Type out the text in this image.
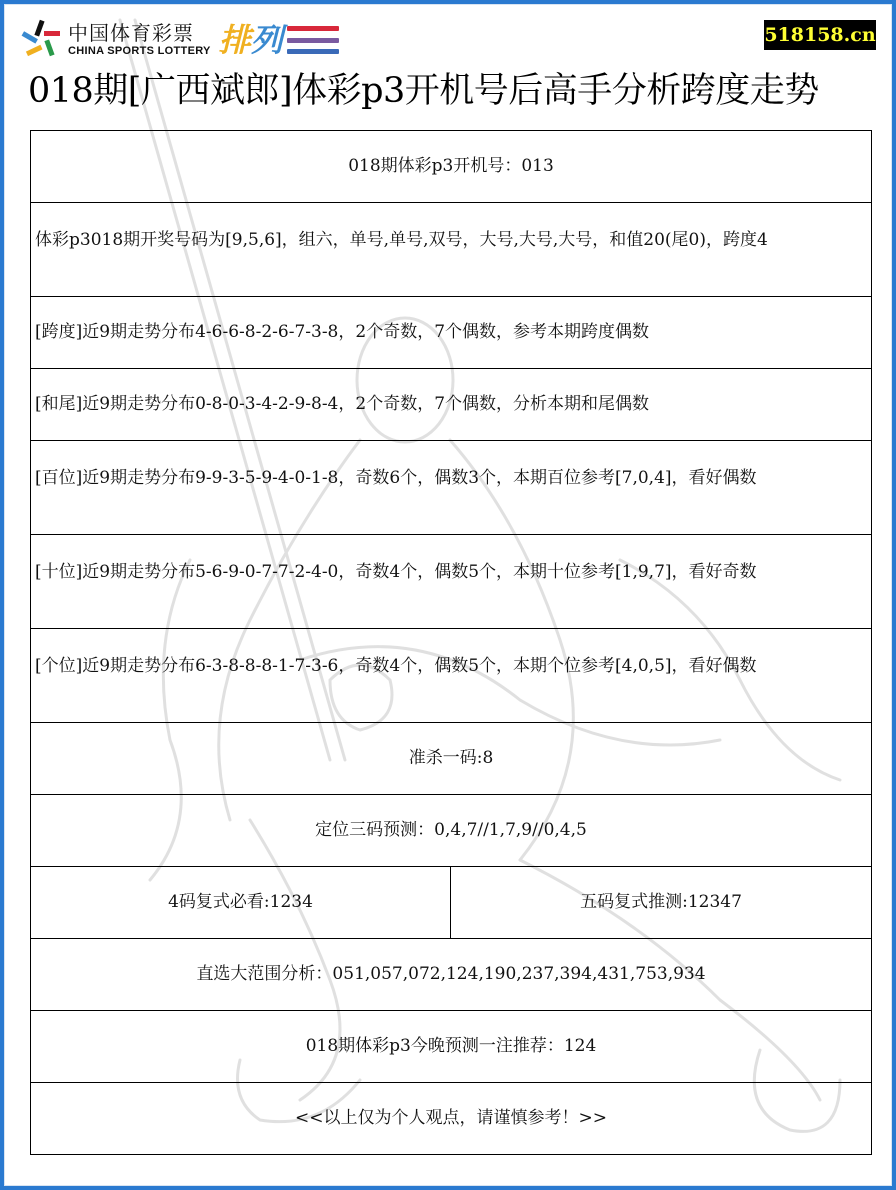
中国体育彩票
CHINA SPORTS LOTTERY 排 列	518158.cn
018期[广西斌郎]体彩p3开机号后高手分析跨度走势
018期体彩p3开机号：013

体彩p3018期开奖号码为[9,5,6]，组六，单号,单号,双号，大号,大号,大号，和值20(尾0)，跨度4

[跨度]近9期走势分布4-6-6-8-2-6-7-3-8，2个奇数，7个偶数，参考本期跨度偶数
[和尾]近9期走势分布0-8-0-3-4-2-9-8-4，2个奇数，7个偶数，分析本期和尾偶数

[百位]近9期走势分布9-9-3-5-9-4-0-1-8，奇数6个，偶数3个，本期百位参考[7,0,4]，看好偶数

[十位]近9期走势分布5-6-9-0-7-7-2-4-0，奇数4个，偶数5个，本期十位参考[1,9,7]，看好奇数

[个位]近9期走势分布6-3-8-8-8-1-7-3-6，奇数4个，偶数5个，本期个位参考[4,0,5]，看好偶数

准杀一码:8
定位三码预测：0,4,7//1,7,9//0,4,5
4码复式必看:1234	五码复式推测:12347
直选大范围分析：051,057,072,124,190,237,394,431,753,934
018期体彩p3今晚预测一注推荐：124
<<以上仅为个人观点，请谨慎参考！>>
